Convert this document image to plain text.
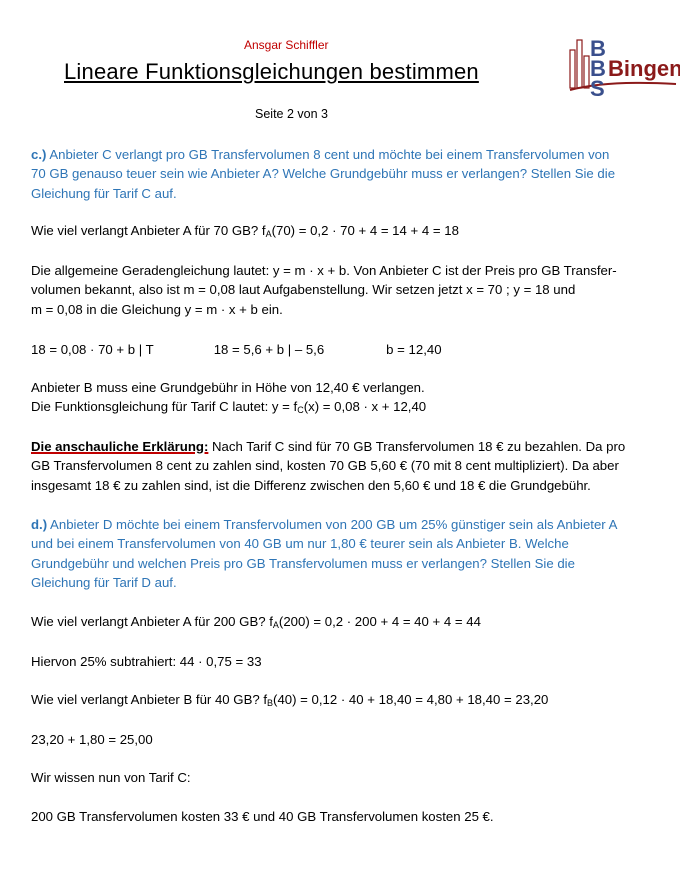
Ansgar Schiffler
Lineare Funktionsgleichungen bestimmen
Seite 2 von 3
B
B
S
Bingen
c.) Anbieter C verlangt pro GB Transfervolumen 8 cent und möchte bei einem Transfervolumen von
70 GB genauso teuer sein wie Anbieter A? Welche Grundgebühr muss er verlangen? Stellen Sie die
Gleichung für Tarif C auf.
Wie viel verlangt Anbieter A für 70 GB? $f_A(70) = 0,2 \cdot 70 + 4 = 14 + 4 = 18$
Die allgemeine Geradengleichung lautet: y = m · x + b. Von Anbieter C ist der Preis pro GB Transfer-
volumen bekannt, also ist m = 0,08 laut Aufgabenstellung. Wir setzen jetzt x = 70 ; y = 18 und
m = 0,08 in die Gleichung y = m · x + b ein.
18 = 0,08 · 70 + b | T	18 = 5,6 + b | – 5,6	b = 12,40
Anbieter B muss eine Grundgebühr in Höhe von 12,40 € verlangen.
Die Funktionsgleichung für Tarif C lautet: $y = f_C(x) = 0,08 \cdot x + 12,40$
Die anschauliche Erklärung: Nach Tarif C sind für 70 GB Transfervolumen 18 € zu bezahlen. Da pro
GB Transfervolumen 8 cent zu zahlen sind, kosten 70 GB 5,60 € (70 mit 8 cent multipliziert). Da aber
insgesamt 18 € zu zahlen sind, ist die Differenz zwischen den 5,60 € und 18 € die Grundgebühr.
d.) Anbieter D möchte bei einem Transfervolumen von 200 GB um 25% günstiger sein als Anbieter A
und bei einem Transfervolumen von 40 GB um nur 1,80 € teurer sein als Anbieter B. Welche
Grundgebühr und welchen Preis pro GB Transfervolumen muss er verlangen? Stellen Sie die
Gleichung für Tarif D auf.
Wie viel verlangt Anbieter A für 200 GB? $f_A(200) = 0,2 \cdot 200 + 4 = 40 + 4 = 44$
Hiervon 25% subtrahiert: 44 · 0,75 = 33
Wie viel verlangt Anbieter B für 40 GB? $f_B(40) = 0,12 \cdot 40 + 18,40 = 4,80 + 18,40 = 23,20$
23,20 + 1,80 = 25,00
Wir wissen nun von Tarif C:
200 GB Transfervolumen kosten 33 € und 40 GB Transfervolumen kosten 25 €.
